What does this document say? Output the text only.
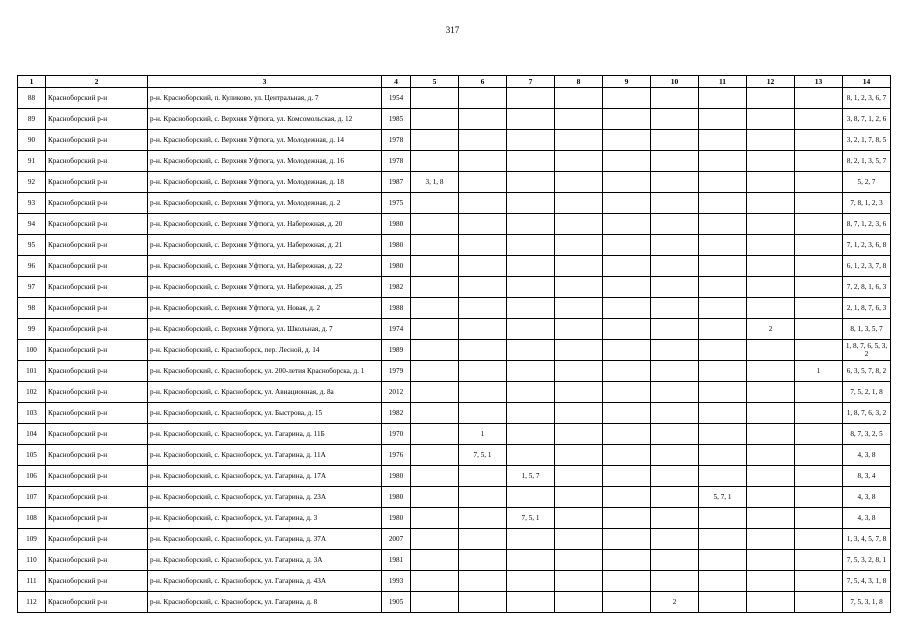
317
1	2	3	4	5	6	7	8	9	10	11	12	13	14
88	Красноборский р-н	р-н. Красноборский, п. Куликово, ул. Центральная, д. 7	1954										8, 1, 2, 3, 6, 7
89	Красноборский р-н	р-н. Красноборский, с. Верхняя Уфтюга, ул. Комсомольская, д. 12	1985										3, 8, 7, 1, 2, 6
90	Красноборский р-н	р-н. Красноборский, с. Верхняя Уфтюга, ул. Молодежная, д. 14	1978										3, 2, 1, 7, 8, 5
91	Красноборский р-н	р-н. Красноборский, с. Верхняя Уфтюга, ул. Молодежная, д. 16	1978										8, 2, 1, 3, 5, 7
92	Красноборский р-н	р-н. Красноборский, с. Верхняя Уфтюга, ул. Молодежная, д. 18	1987	3, 1, 8									5, 2, 7
93	Красноборский р-н	р-н. Красноборский, с. Верхняя Уфтюга, ул. Молодежная, д. 2	1975										7, 8, 1, 2, 3
94	Красноборский р-н	р-н. Красноборский, с. Верхняя Уфтюга, ул. Набережная, д. 20	1980										8, 7, 1, 2, 3, 6
95	Красноборский р-н	р-н. Красноборский, с. Верхняя Уфтюга, ул. Набережная, д. 21	1980										7, 1, 2, 3, 6, 8
96	Красноборский р-н	р-н. Красноборский, с. Верхняя Уфтюга, ул. Набережная, д. 22	1980										6, 1, 2, 3, 7, 8
97	Красноборский р-н	р-н. Красноборский, с. Верхняя Уфтюга, ул. Набережная, д. 25	1982										7, 2, 8, 1, 6, 3
98	Красноборский р-н	р-н. Красноборский, с. Верхняя Уфтюга, ул. Новая, д. 2	1988										2, 1, 8, 7, 6, 3
99	Красноборский р-н	р-н. Красноборский, с. Верхняя Уфтюга, ул. Школьная, д. 7	1974								2		8, 1, 3, 5, 7
100	Красноборский р-н	р-н. Красноборский, с. Красноборск, пер. Лесной, д. 14	1989										1, 8, 7, 6, 5, 3, 2
101	Красноборский р-н	р-н. Красноборский, с. Красноборск, ул. 200-летия Красноборска, д. 1	1979									1	6, 3, 5, 7, 8, 2
102	Красноборский р-н	р-н. Красноборский, с. Красноборск, ул. Авиационная, д. 8а	2012										7, 5, 2, 1, 8
103	Красноборский р-н	р-н. Красноборский, с. Красноборск, ул. Быстрова, д. 15	1982										1, 8, 7, 6, 3, 2
104	Красноборский р-н	р-н. Красноборский, с. Красноборск, ул. Гагарина, д. 11Б	1970		1								8, 7, 3, 2, 5
105	Красноборский р-н	р-н. Красноборский, с. Красноборск, ул. Гагарина, д. 11А	1976		7, 5, 1								4, 3, 8
106	Красноборский р-н	р-н. Красноборский, с. Красноборск, ул. Гагарина, д. 17А	1980			1, 5, 7							8, 3, 4
107	Красноборский р-н	р-н. Красноборский, с. Красноборск, ул. Гагарина, д. 23А	1980							5, 7, 1			4, 3, 8
108	Красноборский р-н	р-н. Красноборский, с. Красноборск, ул. Гагарина, д. 3	1980			7, 5, 1							4, 3, 8
109	Красноборский р-н	р-н. Красноборский, с. Красноборск, ул. Гагарина, д. 37А	2007										1, 3, 4, 5, 7, 8
110	Красноборский р-н	р-н. Красноборский, с. Красноборск, ул. Гагарина, д. 3А	1981										7, 5, 3, 2, 8, 1
111	Красноборский р-н	р-н. Красноборский, с. Красноборск, ул. Гагарина, д. 43А	1993										7, 5, 4, 3, 1, 8
112	Красноборский р-н	р-н. Красноборский, с. Красноборск, ул. Гагарина, д. 8	1905						2				7, 5, 3, 1, 8
